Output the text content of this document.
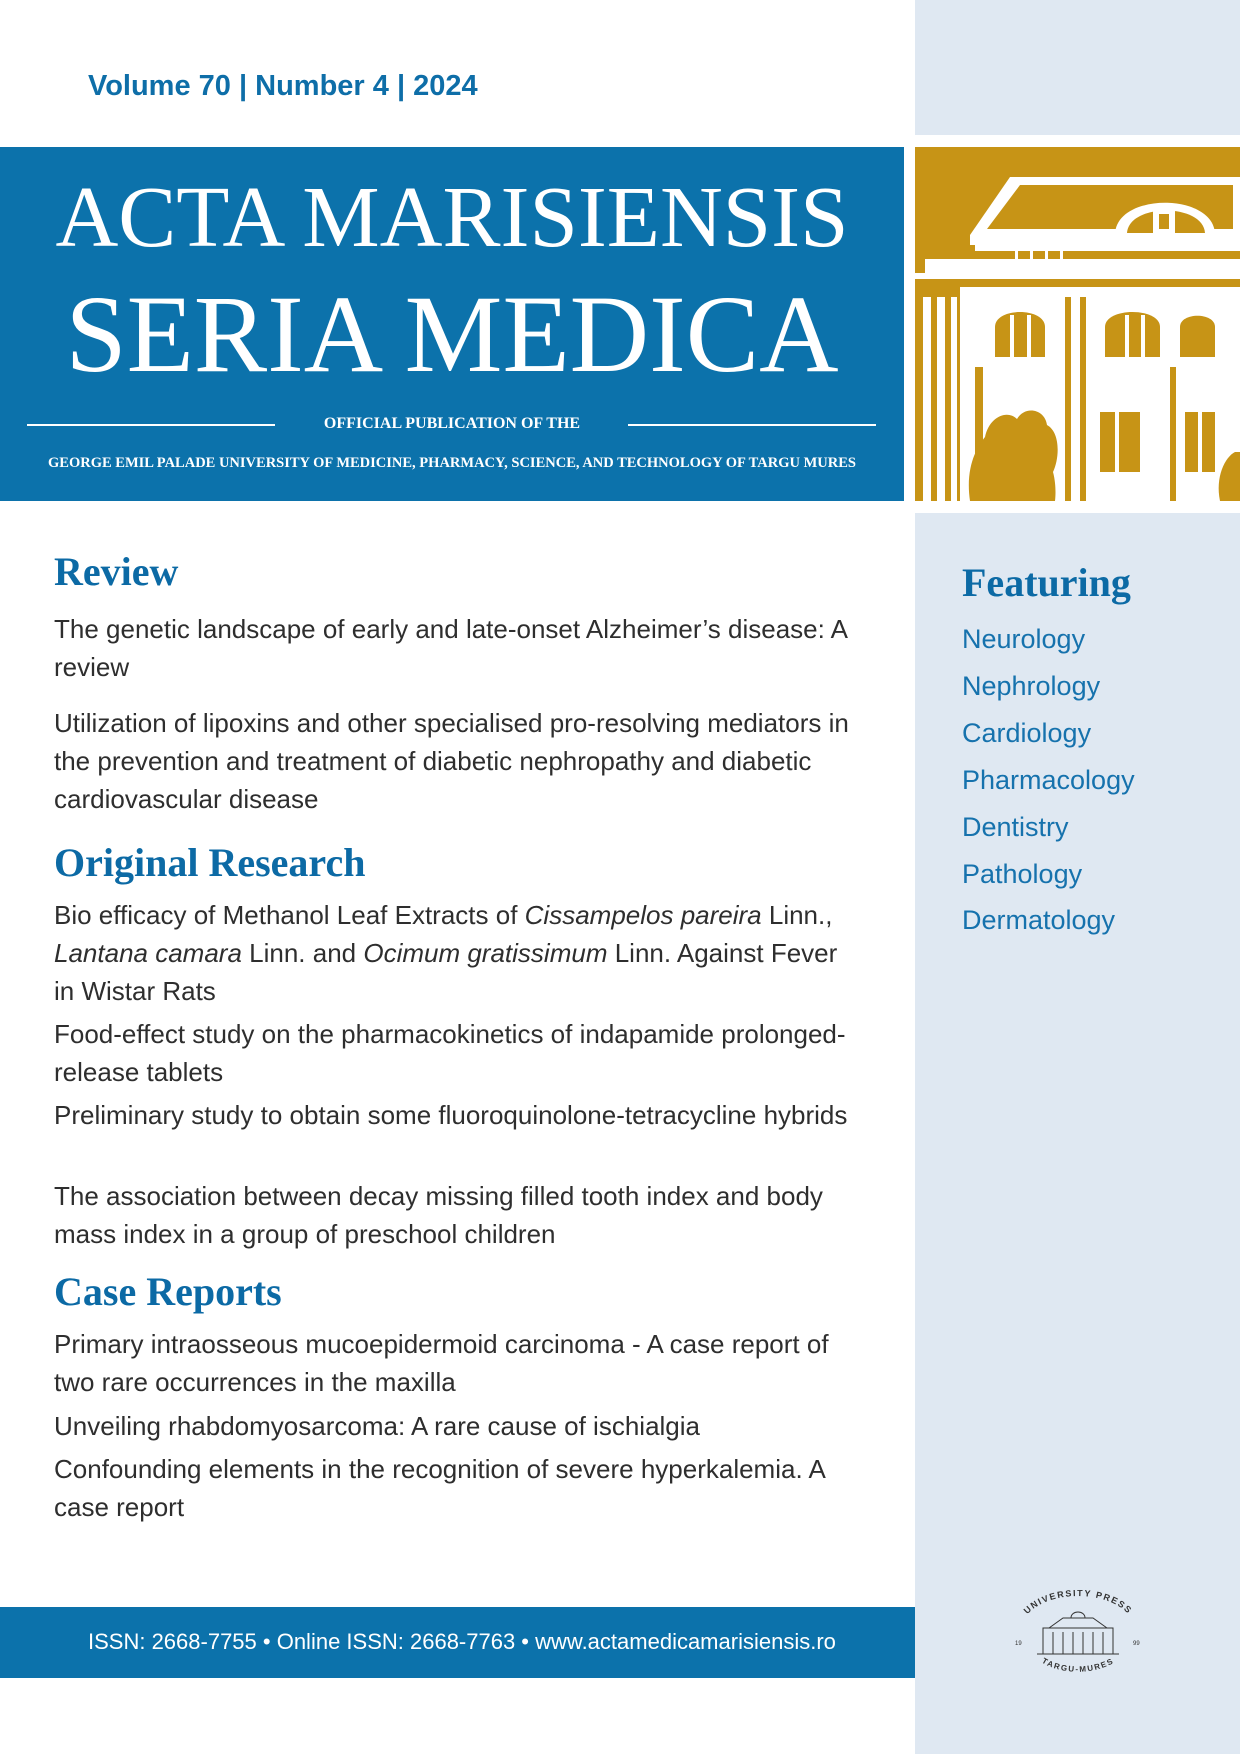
Volume 70 | Number 4 | 2024
ACTA MARISIENSIS
SERIA MEDICA
OFFICIAL PUBLICATION OF THE
GEORGE EMIL PALADE UNIVERSITY OF MEDICINE, PHARMACY, SCIENCE, AND TECHNOLOGY OF TARGU MURES
Review
The genetic landscape of early and late-onset Alzheimer’s disease: A review
Utilization of lipoxins and other specialised pro-resolving mediators in the prevention and treatment of diabetic nephropathy and diabetic cardiovascular disease
Original Research
Bio efficacy of Methanol Leaf Extracts of Cissampelos pareira Linn., Lantana camara Linn. and Ocimum gratissimum Linn. Against Fever in Wistar Rats
Food-effect study on the pharmacokinetics of indapamide prolonged-release tablets
Preliminary study to obtain some fluoroquinolone-tetracycline hybrids
The association between decay missing filled tooth index and body mass index in a group of preschool children
Case Reports
Primary intraosseous mucoepidermoid carcinoma - A case report of two rare occurrences in the maxilla
Unveiling rhabdomyosarcoma: A rare cause of ischialgia
Confounding elements in the recognition of severe hyperkalemia. A case report
Featuring
Neurology
Nephrology
Cardiology
Pharmacology
Dentistry
Pathology
Dermatology
ISSN: 2668-7755 • Online ISSN: 2668-7763 • www.actamedicamarisiensis.ro
UNIVERSITY PRESS
TARGU-MURES
19	99
